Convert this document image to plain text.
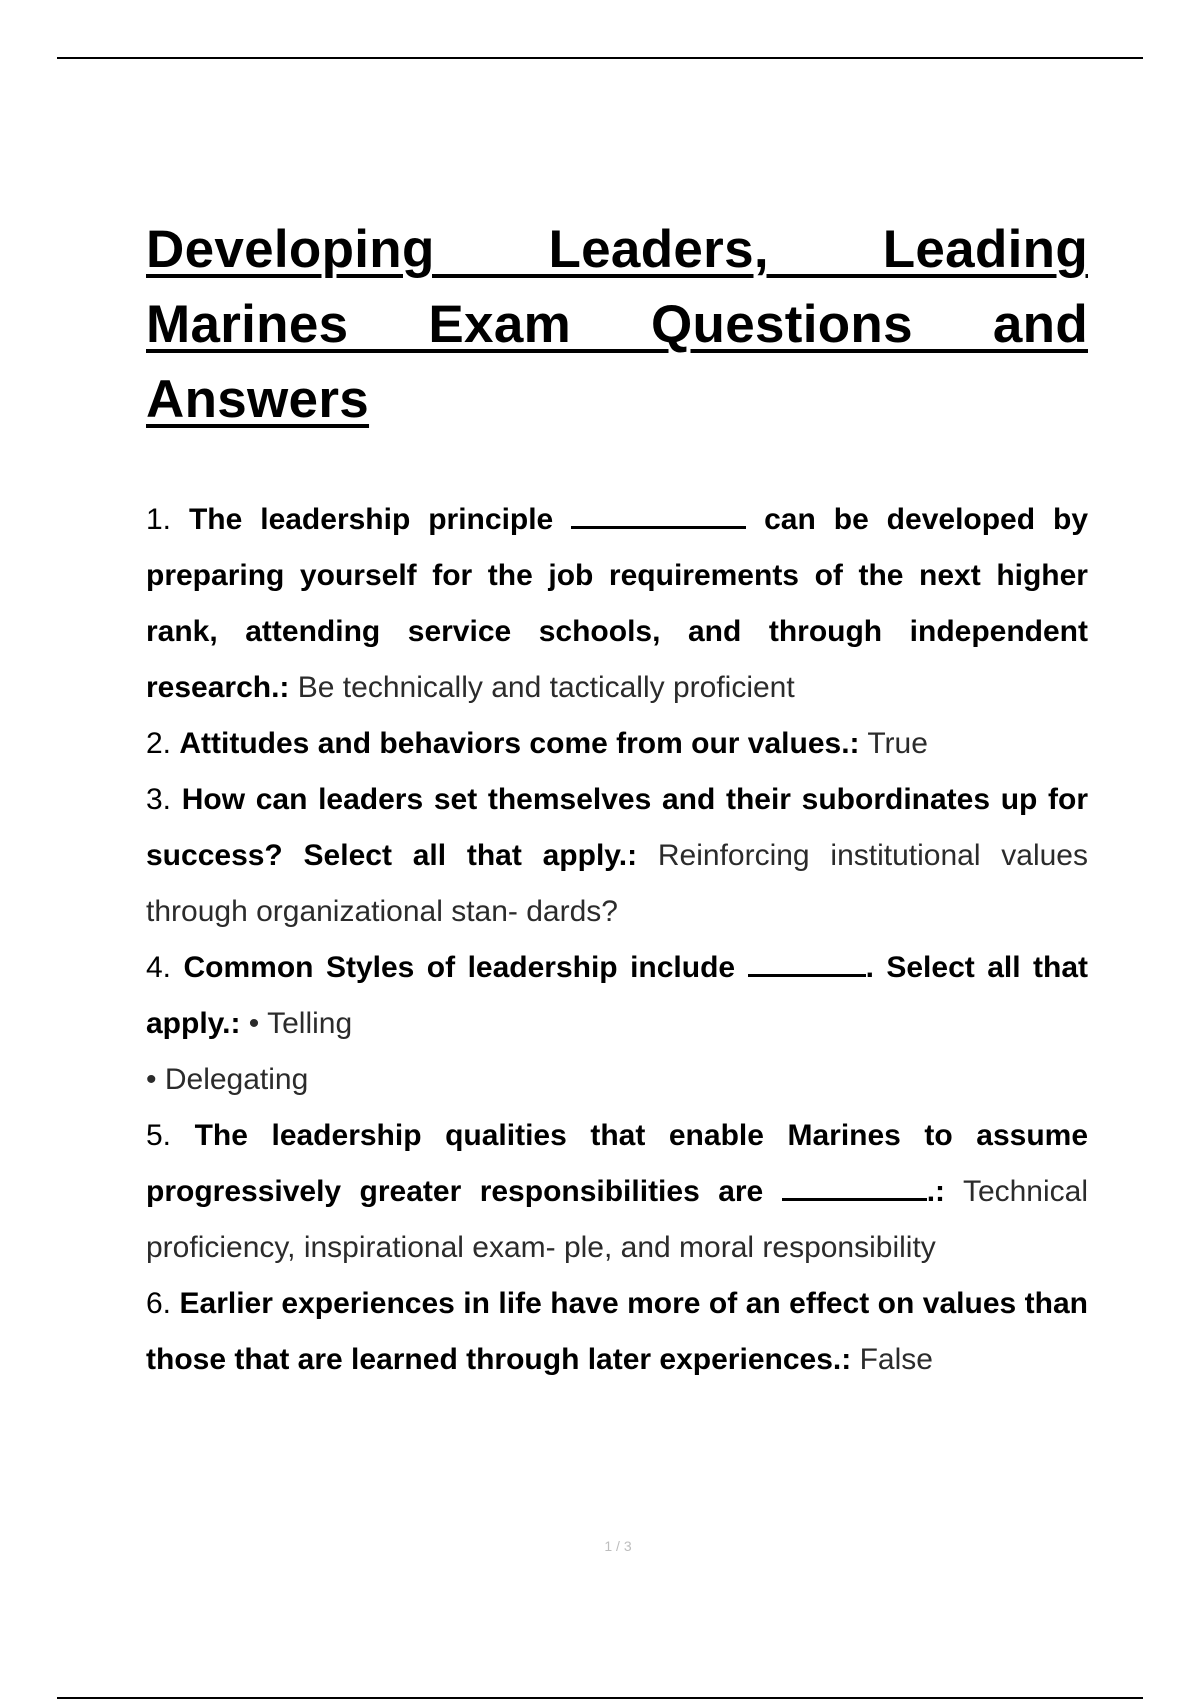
Developing Leaders, Leading Marines Exam Questions and Answers
1. The leadership principle	can be developed by preparing yourself for the job requirements of the next higher rank, attending service schools, and through independent research.: Be technically and tactically proficient
2. Attitudes and behaviors come from our values.: True
3. How can leaders set themselves and their subordinates up for success? Select all that apply.: Reinforcing institutional values through organizational stan- dards?
4. Common Styles of leadership include	. Select all that apply.: • Telling
• Delegating
5. The leadership qualities that enable Marines to assume progressively greater responsibilities are	.: Technical proficiency, inspirational exam- ple, and moral responsibility
6. Earlier experiences in life have more of an effect on values than those that are learned through later experiences.: False
1 / 3
